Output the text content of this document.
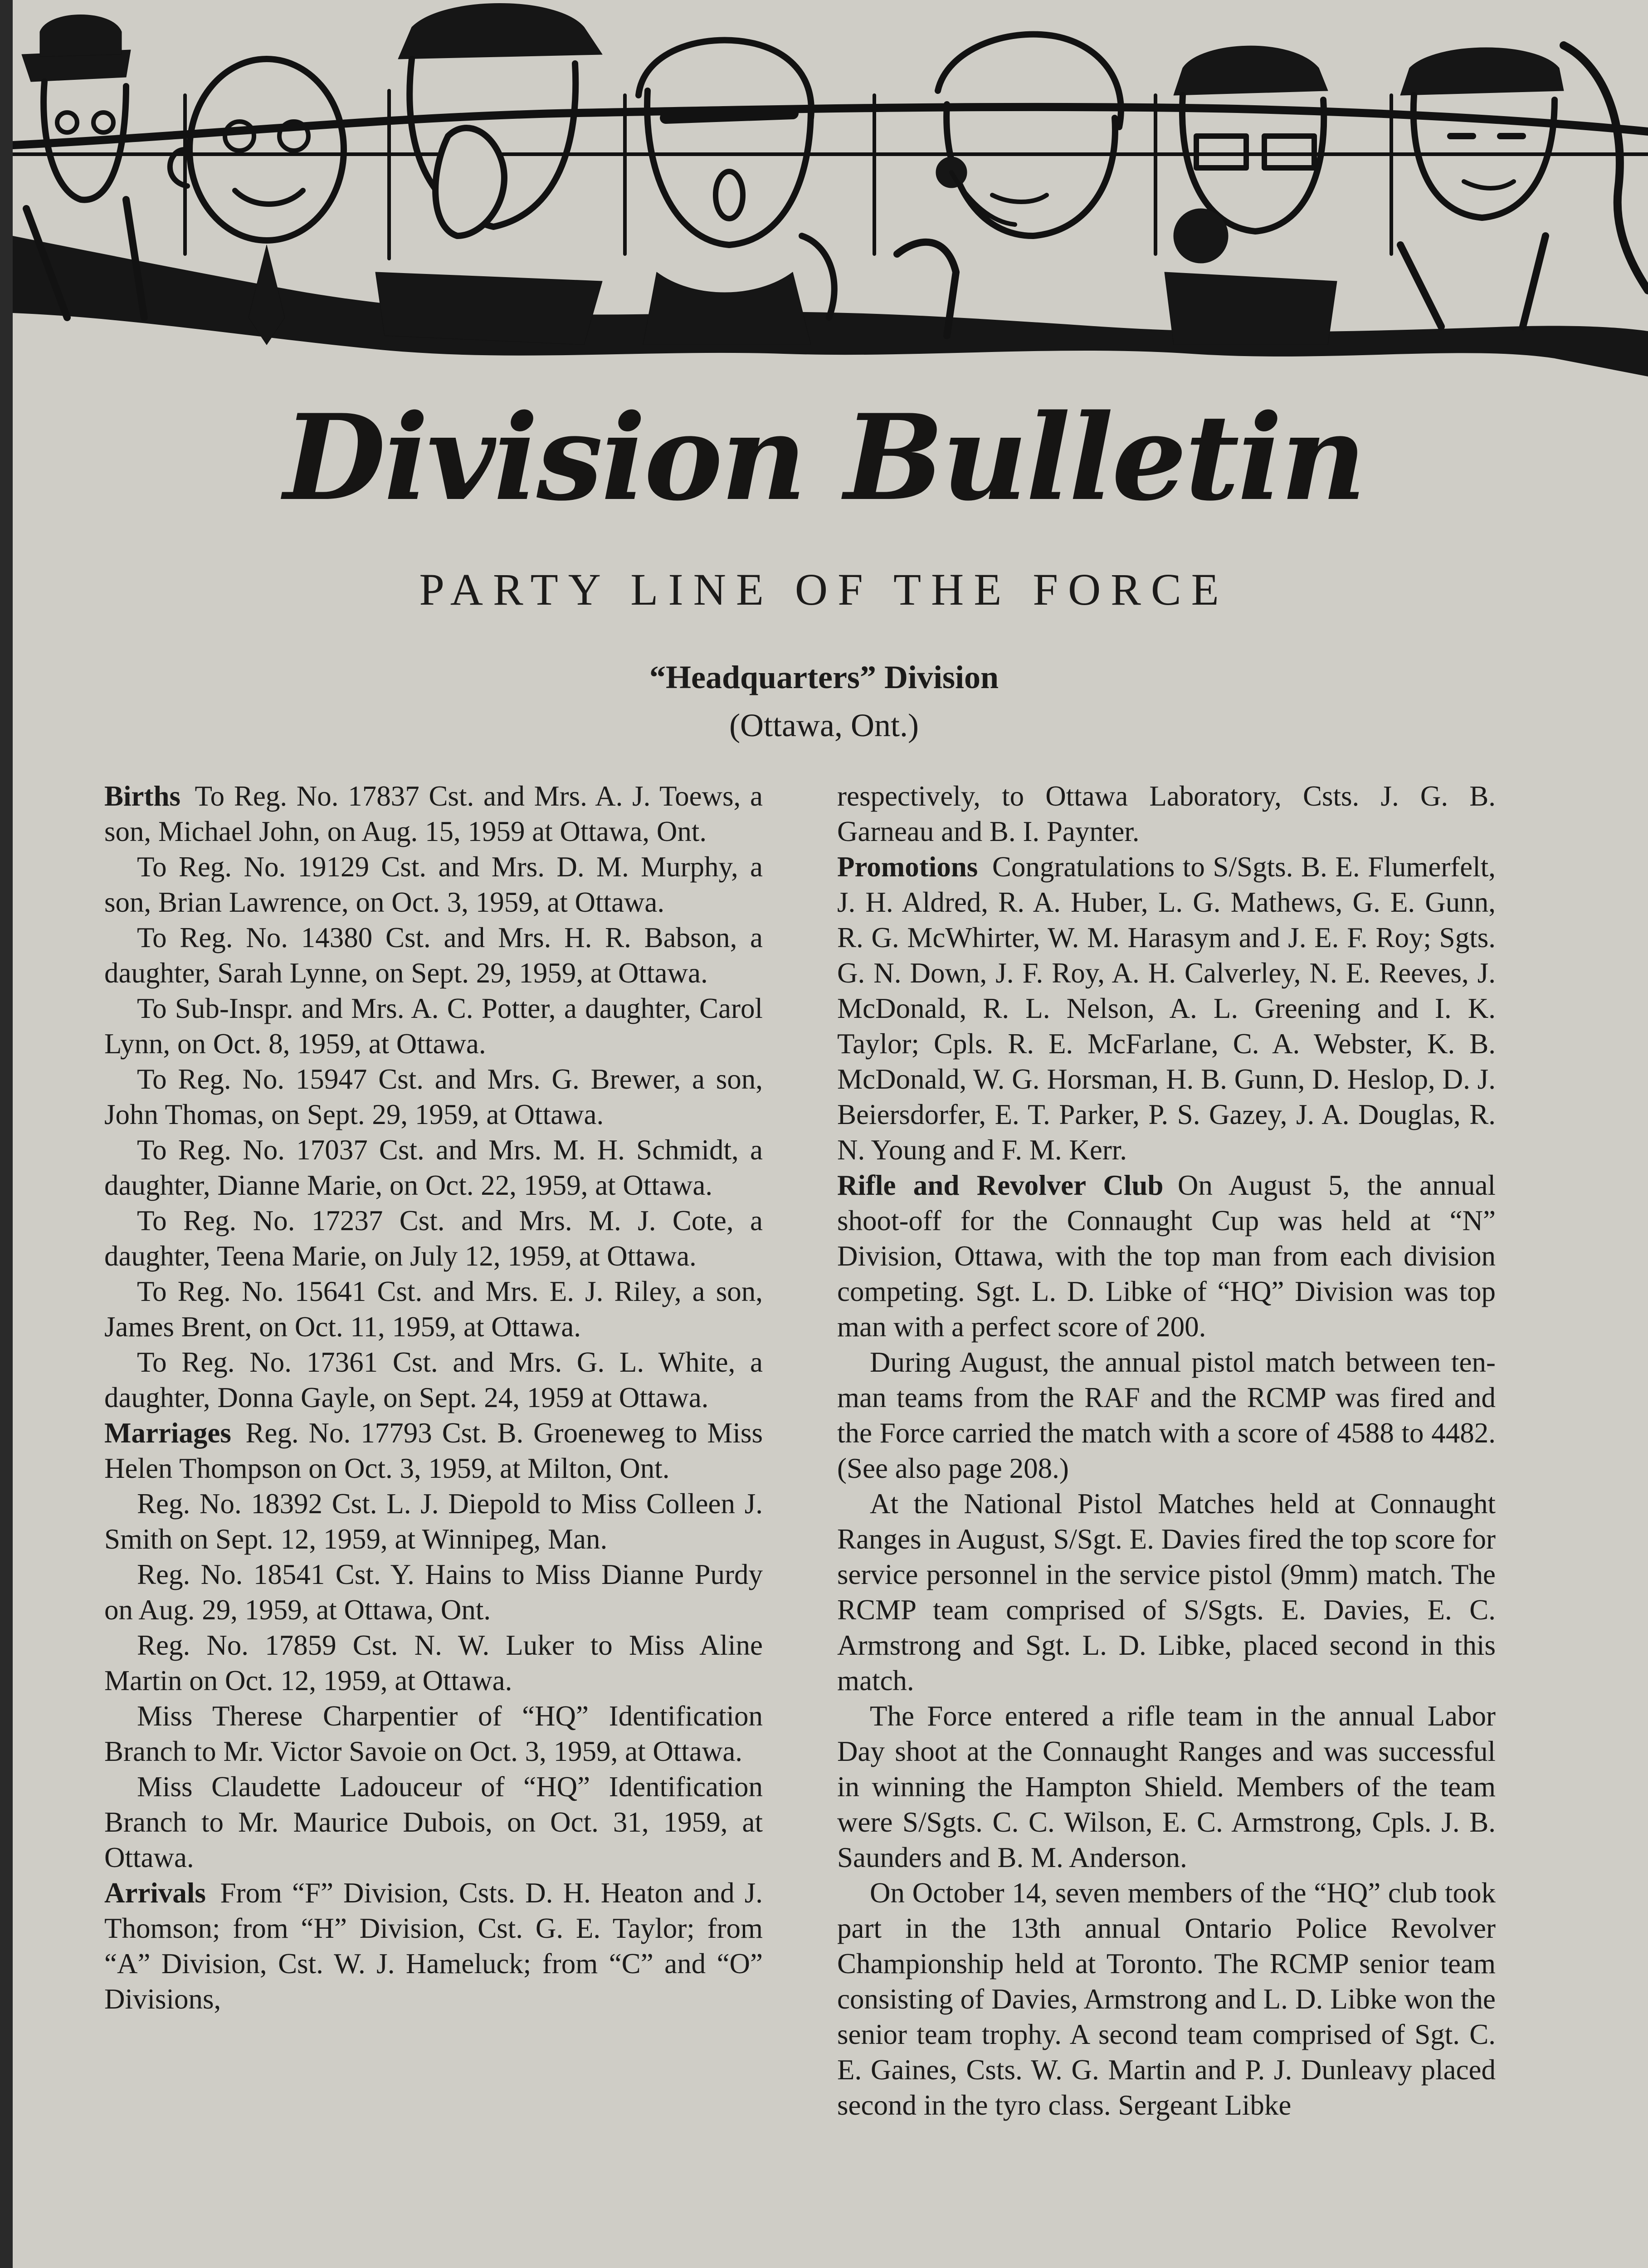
Division Bulletin
PARTY LINE OF THE FORCE
“Headquarters” Division
(Ottawa, Ont.)

Births  To Reg. No. 17837 Cst. and Mrs. A. J. Toews, a son, Michael John, on Aug. 15, 1959 at Ottawa, Ont.

To Reg. No. 19129 Cst. and Mrs. D. M. Murphy, a son, Brian Lawrence, on Oct. 3, 1959, at Ottawa.

To Reg. No. 14380 Cst. and Mrs. H. R. Babson, a daughter, Sarah Lynne, on Sept. 29, 1959, at Ottawa.

To Sub-Inspr. and Mrs. A. C. Potter, a daughter, Carol Lynn, on Oct. 8, 1959, at Ottawa.

To Reg. No. 15947 Cst. and Mrs. G. Brewer, a son, John Thomas, on Sept. 29, 1959, at Ottawa.

To Reg. No. 17037 Cst. and Mrs. M. H. Schmidt, a daughter, Dianne Marie, on Oct. 22, 1959, at Ottawa.

To Reg. No. 17237 Cst. and Mrs. M. J. Cote, a daughter, Teena Marie, on July 12, 1959, at Ottawa.

To Reg. No. 15641 Cst. and Mrs. E. J. Riley, a son, James Brent, on Oct. 11, 1959, at Ottawa.

To Reg. No. 17361 Cst. and Mrs. G. L. White, a daughter, Donna Gayle, on Sept. 24, 1959 at Ottawa.

Marriages  Reg. No. 17793 Cst. B. Groeneweg to Miss Helen Thompson on Oct. 3, 1959, at Milton, Ont.

Reg. No. 18392 Cst. L. J. Diepold to Miss Colleen J. Smith on Sept. 12, 1959, at Winnipeg, Man.

Reg. No. 18541 Cst. Y. Hains to Miss Dianne Purdy on Aug. 29, 1959, at Ottawa, Ont.

Reg. No. 17859 Cst. N. W. Luker to Miss Aline Martin on Oct. 12, 1959, at Ottawa.

Miss Therese Charpentier of “HQ” Identification Branch to Mr. Victor Savoie on Oct. 3, 1959, at Ottawa.

Miss Claudette Ladouceur of “HQ” Identification Branch to Mr. Maurice Dubois, on Oct. 31, 1959, at Ottawa.

Arrivals  From “F” Division, Csts. D. H. Heaton and J. Thomson; from “H” Division, Cst. G. E. Taylor; from “A” Division, Cst. W. J. Hameluck; from “C” and “O” Divisions,

respectively, to Ottawa Laboratory, Csts. J. G. B. Garneau and B. I. Paynter.

Promotions  Congratulations to S/Sgts. B. E. Flumerfelt, J. H. Aldred, R. A. Huber, L. G. Mathews, G. E. Gunn, R. G. McWhirter, W. M. Harasym and J. E. F. Roy; Sgts. G. N. Down, J. F. Roy, A. H. Calverley, N. E. Reeves, J. McDonald, R. L. Nelson, A. L. Greening and I. K. Taylor; Cpls. R. E. McFarlane, C. A. Webster, K. B. McDonald, W. G. Horsman, H. B. Gunn, D. Heslop, D. J. Beiersdorfer, E. T. Parker, P. S. Gazey, J. A. Douglas, R. N. Young and F. M. Kerr.

Rifle and Revolver Club  On August 5, the annual shoot-off for the Connaught Cup was held at “N” Division, Ottawa, with the top man from each division competing. Sgt. L. D. Libke of “HQ” Division was top man with a perfect score of 200.

During August, the annual pistol match between ten-man teams from the RAF and the RCMP was fired and the Force carried the match with a score of 4588 to 4482. (See also page 208.)

At the National Pistol Matches held at Connaught Ranges in August, S/Sgt. E. Davies fired the top score for service personnel in the service pistol (9mm) match. The RCMP team comprised of S/Sgts. E. Davies, E. C. Armstrong and Sgt. L. D. Libke, placed second in this match.

The Force entered a rifle team in the annual Labor Day shoot at the Connaught Ranges and was successful in winning the Hampton Shield. Members of the team were S/Sgts. C. C. Wilson, E. C. Armstrong, Cpls. J. B. Saunders and B. M. Anderson.

On October 14, seven members of the “HQ” club took part in the 13th annual Ontario Police Revolver Championship held at Toronto. The RCMP senior team consisting of Davies, Armstrong and L. D. Libke won the senior team trophy. A second team comprised of Sgt. C. E. Gaines, Csts. W. G. Martin and P. J. Dunleavy placed second in the tyro class. Sergeant Libke
